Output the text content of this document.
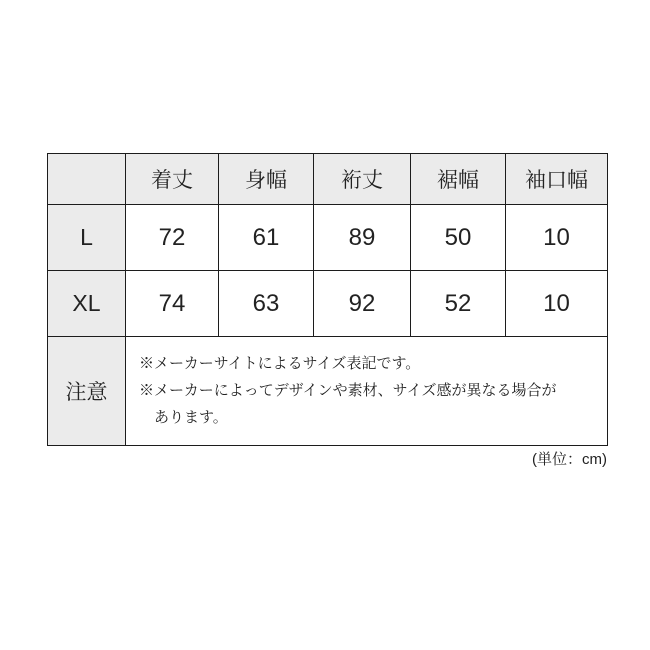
	着丈	身幅	裄丈	裾幅	袖口幅
L	72	61	89	50	10
XL	74	63	92	52	10
注意	※メーカーサイトによるサイズ表記です。
※メーカーによってデザインや素材、サイズ感が異なる場合が
あります。				
(単位：cm)
